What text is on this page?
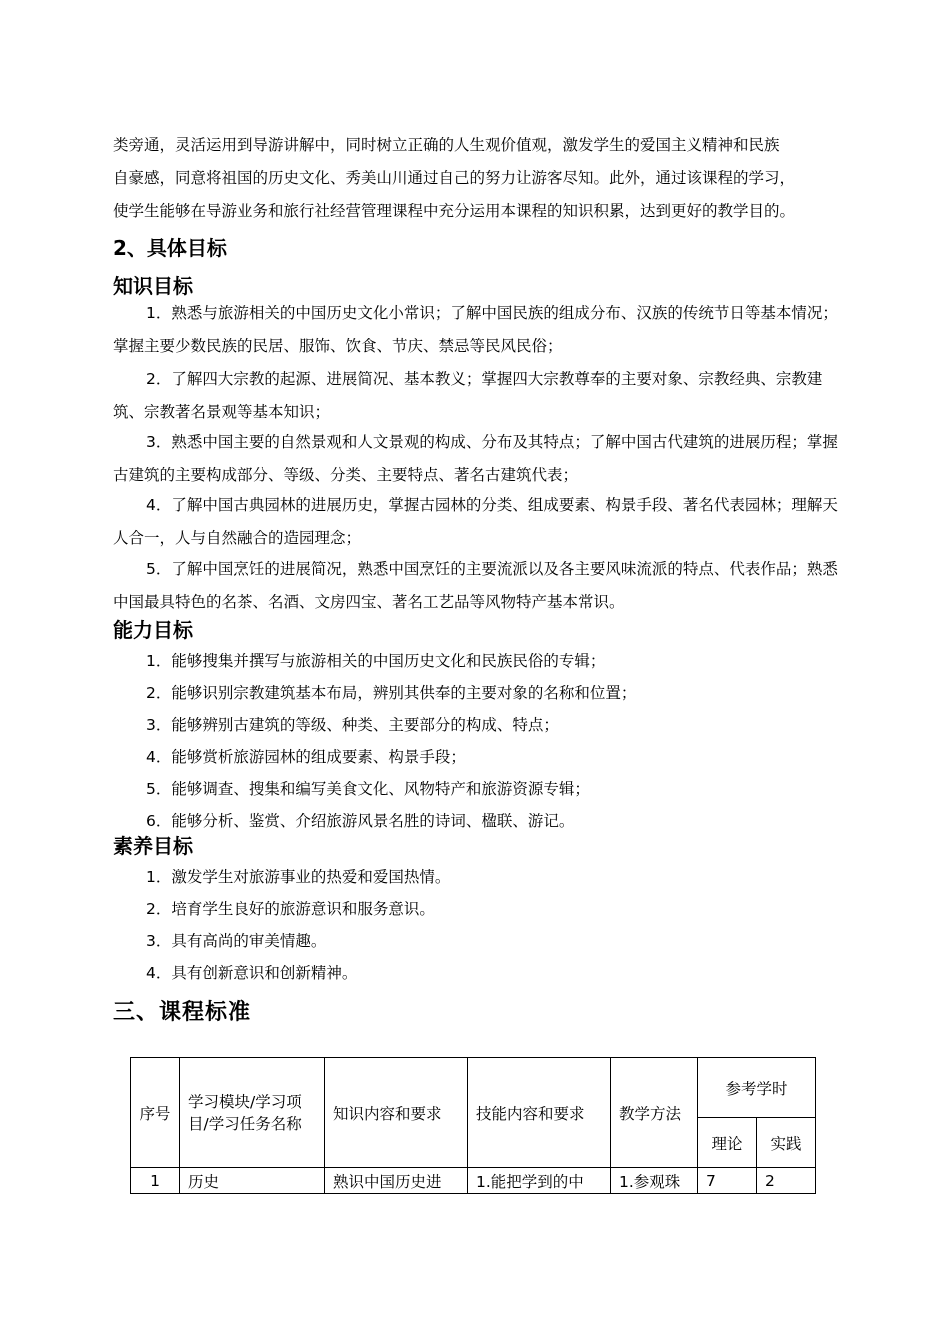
类旁通，灵活运用到导游讲解中，同时树立正确的人生观价值观，激发学生的爱国主义精神和民族
自豪感，同意将祖国的历史文化、秀美山川通过自己的努力让游客尽知。此外，通过该课程的学习，
使学生能够在导游业务和旅行社经营管理课程中充分运用本课程的知识积累，达到更好的教学目的。
2、具体目标
知识目标
1．熟悉与旅游相关的中国历史文化小常识；了解中国民族的组成分布、汉族的传统节日等基本情况；掌握主要少数民族的民居、服饰、饮食、节庆、禁忌等民风民俗；
2．了解四大宗教的起源、进展简况、基本教义；掌握四大宗教尊奉的主要对象、宗教经典、宗教建筑、宗教著名景观等基本知识；
3．熟悉中国主要的自然景观和人文景观的构成、分布及其特点；了解中国古代建筑的进展历程；掌握古建筑的主要构成部分、等级、分类、主要特点、著名古建筑代表；
4．了解中国古典园林的进展历史，掌握古园林的分类、组成要素、构景手段、著名代表园林；理解天人合一，人与自然融合的造园理念；
5．了解中国烹饪的进展简况，熟悉中国烹饪的主要流派以及各主要风味流派的特点、代表作品；熟悉中国最具特色的名茶、名酒、文房四宝、著名工艺品等风物特产基本常识。
能力目标
1．能够搜集并撰写与旅游相关的中国历史文化和民族民俗的专辑；
2．能够识别宗教建筑基本布局，辨别其供奉的主要对象的名称和位置；
3．能够辨别古建筑的等级、种类、主要部分的构成、特点；
4．能够赏析旅游园林的组成要素、构景手段；
5．能够调查、搜集和编写美食文化、风物特产和旅游资源专辑；
6．能够分析、鉴赏、介绍旅游风景名胜的诗词、楹联、游记。
素养目标
1．激发学生对旅游事业的热爱和爱国热情。
2．培育学生良好的旅游意识和服务意识。
3．具有高尚的审美情趣。
4．具有创新意识和创新精神。
三、课程标准
序号	学习模块/学习项目/学习任务名称	知识内容和要求	技能内容和要求	教学方法	参考学时	
					理论	实践
1	历史	熟识中国历史进	1.能把学到的中	1.参观珠	7	2
